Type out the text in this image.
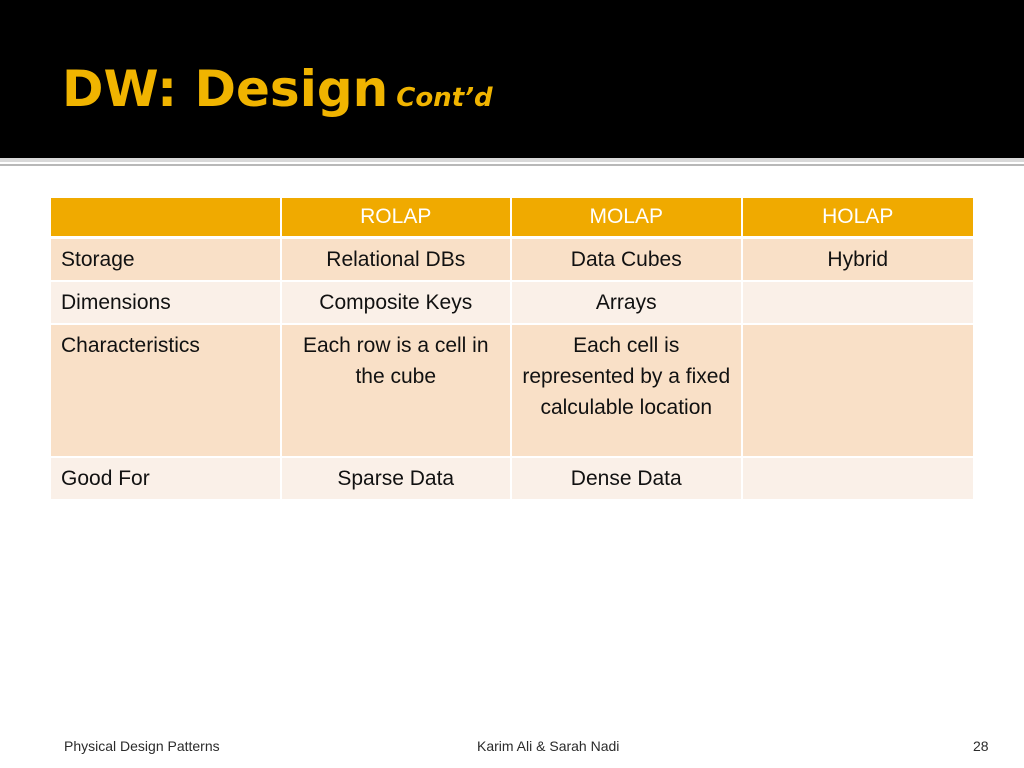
DW: Design Cont’d
	ROLAP	MOLAP	HOLAP
Storage	Relational DBs	Data Cubes	Hybrid
Dimensions	Composite Keys	Arrays	
Characteristics	Each row is a cell in the cube	Each cell is represented by a fixed calculable location	
Good For	Sparse Data	Dense Data	
Physical Design Patterns	Karim Ali & Sarah Nadi	28
